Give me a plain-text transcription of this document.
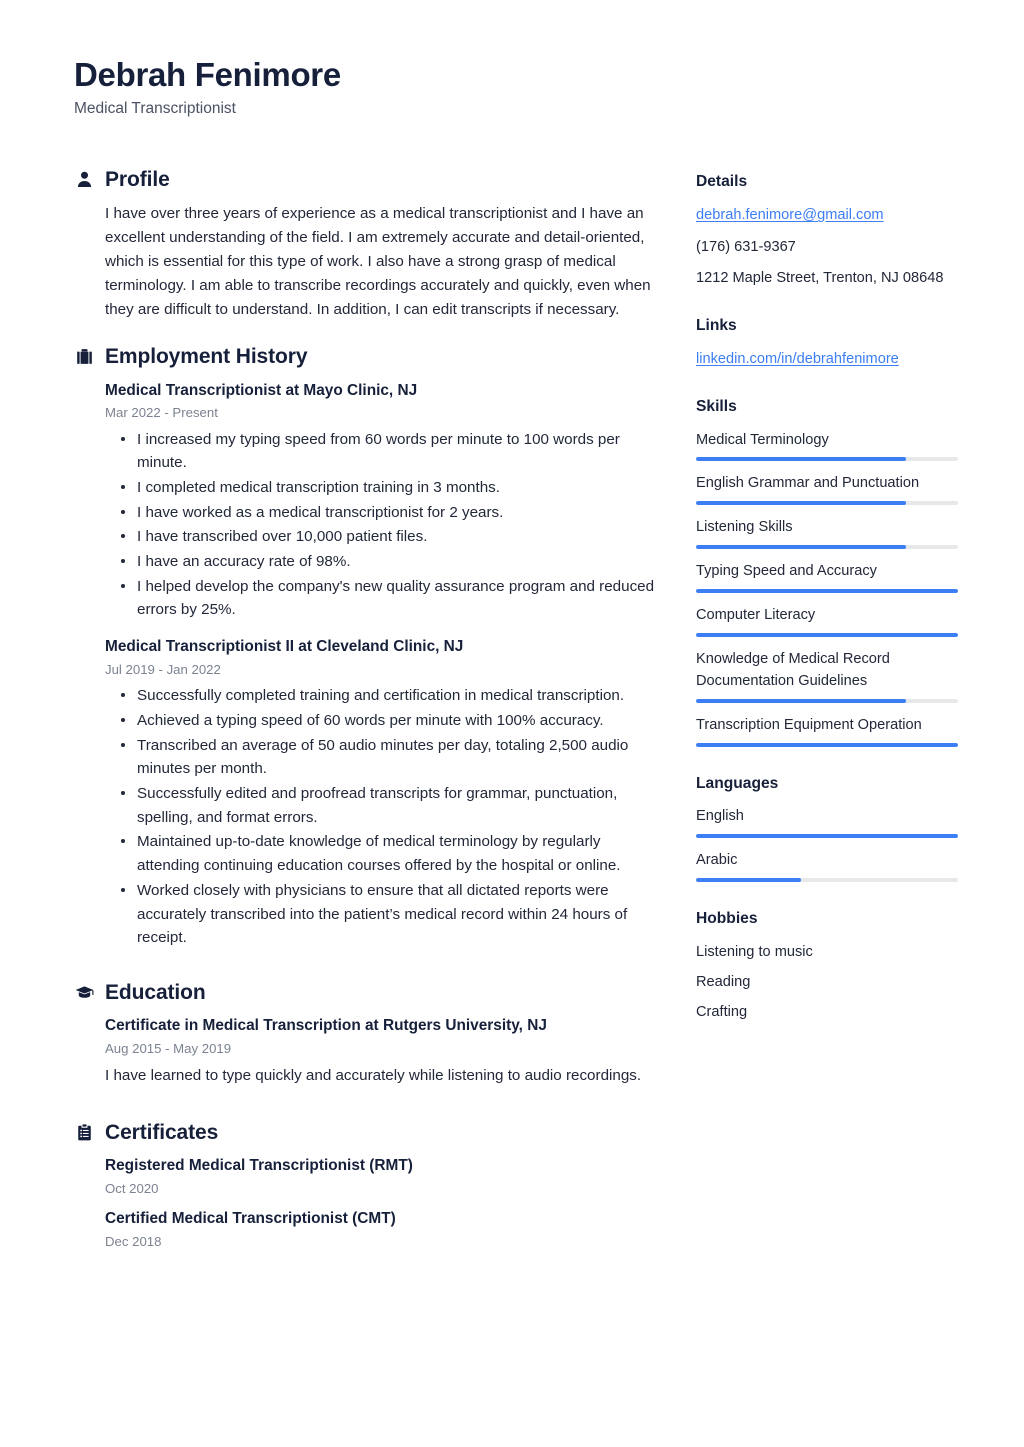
Debrah Fenimore
Medical Transcriptionist
Profile

I have over three years of experience as a medical transcriptionist and I have an excellent understanding of the field. I am extremely accurate and detail-oriented, which is essential for this type of work. I also have a strong grasp of medical terminology. I am able to transcribe recordings accurately and quickly, even when they are difficult to understand. In addition, I can edit transcripts if necessary.

Employment History
Medical Transcriptionist at Mayo Clinic, NJ
Mar 2022 - Present
I increased my typing speed from 60 words per minute to 100 words per minute.
I completed medical transcription training in 3 months.
I have worked as a medical transcriptionist for 2 years.
I have transcribed over 10,000 patient files.
I have an accuracy rate of 98%.
I helped develop the company's new quality assurance program and reduced errors by 25%.
Medical Transcriptionist II at Cleveland Clinic, NJ
Jul 2019 - Jan 2022
Successfully completed training and certification in medical transcription.
Achieved a typing speed of 60 words per minute with 100% accuracy.
Transcribed an average of 50 audio minutes per day, totaling 2,500 audio minutes per month.
Successfully edited and proofread transcripts for grammar, punctuation, spelling, and format errors.
Maintained up-to-date knowledge of medical terminology by regularly attending continuing education courses offered by the hospital or online.
Worked closely with physicians to ensure that all dictated reports were accurately transcribed into the patient’s medical record within 24 hours of receipt.
Education
Certificate in Medical Transcription at Rutgers University, NJ
Aug 2015 - May 2019
I have learned to type quickly and accurately while listening to audio recordings.
Certificates
Registered Medical Transcriptionist (RMT)
Oct 2020
Certified Medical Transcriptionist (CMT)
Dec 2018
Details
debrah.fenimore@gmail.com
(176) 631-9367
1212 Maple Street, Trenton, NJ 08648
Links
linkedin.com/in/debrahfenimore
Skills
Medical Terminology
English Grammar and Punctuation
Listening Skills
Typing Speed and Accuracy
Computer Literacy
Knowledge of Medical Record Documentation Guidelines
Transcription Equipment Operation
Languages
English
Arabic
Hobbies
Listening to music
Reading
Crafting
